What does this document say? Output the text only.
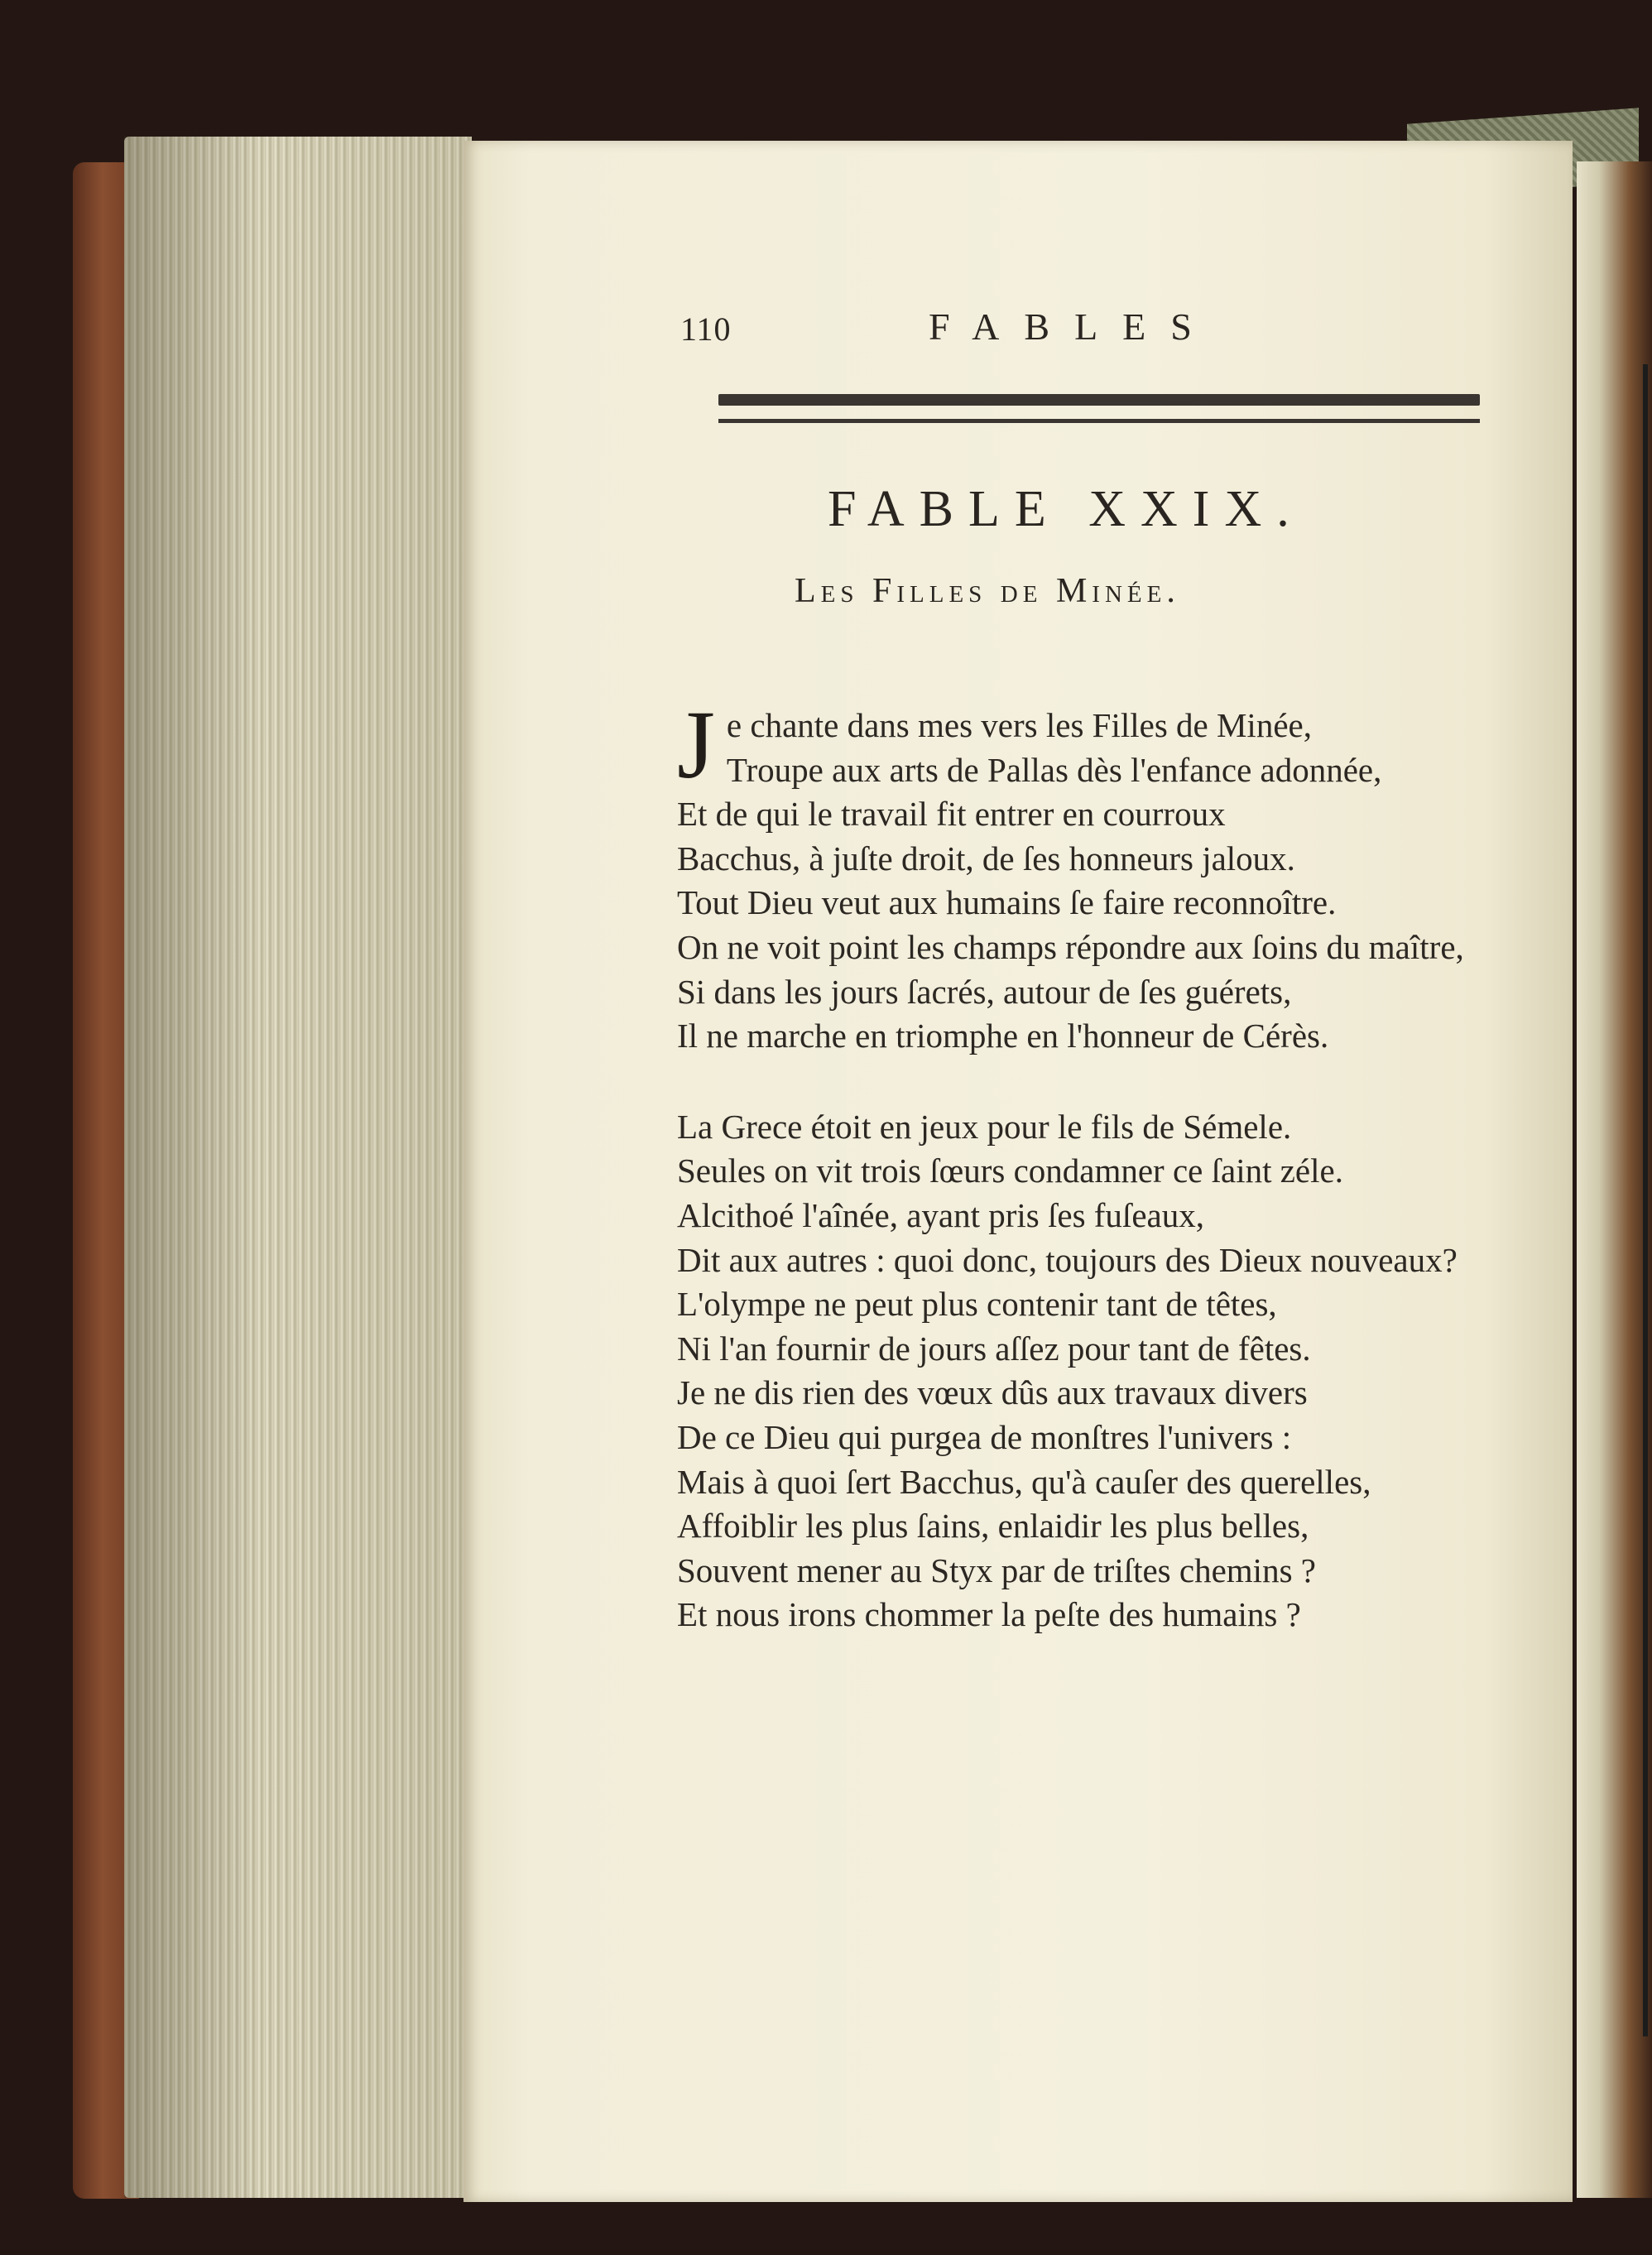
110	FABLES
FABLE XXIX.
Les Filles de Minée.
Je chante dans mes vers les Filles de Minée,
Troupe aux arts de Pallas dès l'enfance adonnée,
Et de qui le travail fit entrer en courroux
Bacchus, à juſte droit, de ſes honneurs jaloux.
Tout Dieu veut aux humains ſe faire reconnoître.
On ne voit point les champs répondre aux ſoins du maître,
Si dans les jours ſacrés, autour de ſes guérets,
Il ne marche en triomphe en l'honneur de Cérès.
La Grece étoit en jeux pour le fils de Sémele.
Seules on vit trois ſœurs condamner ce ſaint zéle.
Alcithoé l'aînée, ayant pris ſes fuſeaux,
Dit aux autres : quoi donc, toujours des Dieux nouveaux?
L'olympe ne peut plus contenir tant de têtes,
Ni l'an fournir de jours aſſez pour tant de fêtes.
Je ne dis rien des vœux dûs aux travaux divers
De ce Dieu qui purgea de monſtres l'univers :
Mais à quoi ſert Bacchus, qu'à cauſer des querelles,
Affoiblir les plus ſains, enlaidir les plus belles,
Souvent mener au Styx par de triſtes chemins ?
Et nous irons chommer la peſte des humains ?
